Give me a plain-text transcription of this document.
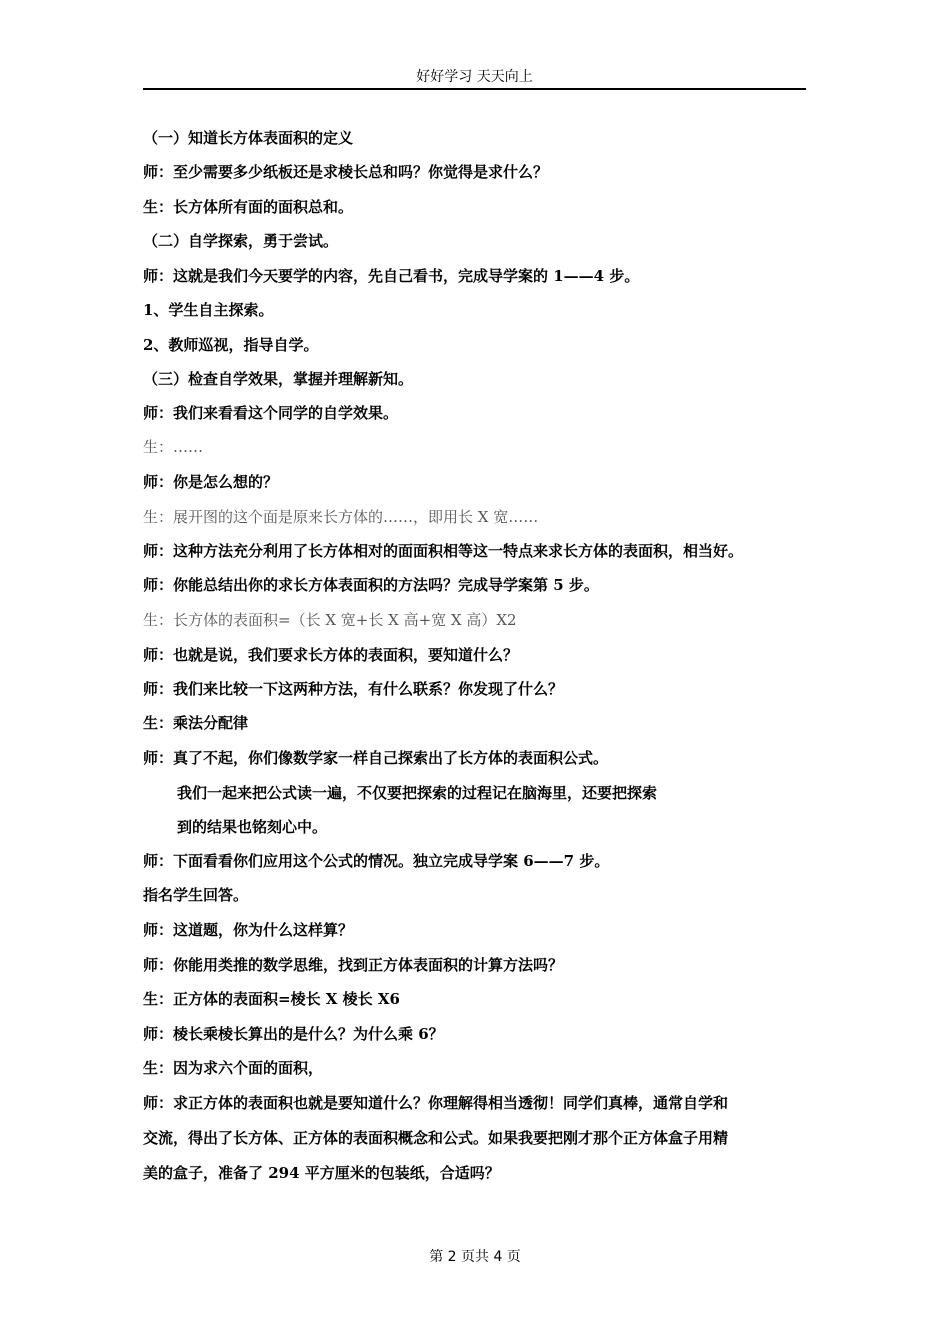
好好学习 天天向上
（一）知道长方体表面积的定义
师：至少需要多少纸板还是求棱长总和吗？你觉得是求什么？
生：长方体所有面的面积总和。
（二）自学探索，勇于尝试。
师：这就是我们今天要学的内容，先自己看书，完成导学案的 1——4 步。
1、学生自主探索。
2、教师巡视，指导自学。
（三）检查自学效果，掌握并理解新知。
师：我们来看看这个同学的自学效果。
生：……
师：你是怎么想的？
生：展开图的这个面是原来长方体的……，即用长 X 宽……
师：这种方法充分利用了长方体相对的面面积相等这一特点来求长方体的表面积，相当好。
师：你能总结出你的求长方体表面积的方法吗？完成导学案第 5 步。
生：长方体的表面积=（长 X 宽+长 X 高+宽 X 高）X2
师：也就是说，我们要求长方体的表面积，要知道什么？
师：我们来比较一下这两种方法，有什么联系？你发现了什么？
生：乘法分配律
师：真了不起，你们像数学家一样自己探索出了长方体的表面积公式。
我们一起来把公式读一遍，不仅要把探索的过程记在脑海里，还要把探索
到的结果也铭刻心中。
师：下面看看你们应用这个公式的情况。独立完成导学案 6——7 步。
指名学生回答。
师：这道题，你为什么这样算？
师：你能用类推的数学思维，找到正方体表面积的计算方法吗？
生：正方体的表面积=棱长 X 棱长 X6
师：棱长乘棱长算出的是什么？为什么乘 6？
生：因为求六个面的面积，
师：求正方体的表面积也就是要知道什么？你理解得相当透彻！同学们真棒，通常自学和
交流，得出了长方体、正方体的表面积概念和公式。如果我要把刚才那个正方体盒子用精
美的盒子，准备了 294 平方厘米的包装纸，合适吗？
第 2 页共 4 页
